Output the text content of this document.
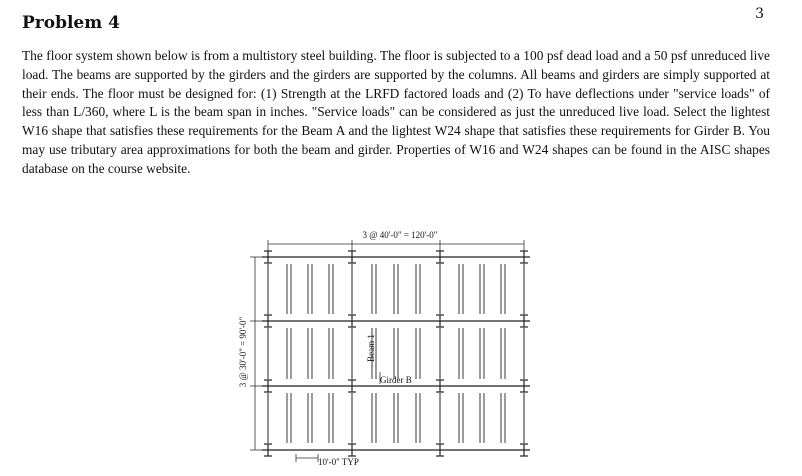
3
Problem 4

The floor system shown below is from a multistory steel building. The floor is subjected to a 100 psf dead load and a 50 psf unreduced live load. The beams are supported by the girders and the girders are supported by the columns. All beams and girders are simply supported at their ends. The floor must be designed for: (1) Strength at the LRFD factored loads and (2) To have deflections under "service loads" of less than L/360, where L is the beam span in inches. "Service loads" can be considered as just the unreduced live load. Select the lightest W16 shape that satisfies these requirements for the Beam A and the lightest W24 shape that satisfies these requirements for Girder B. You may use tributary area approximations for both the beam and girder. Properties of W16 and W24 shapes can be found in the AISC shapes database on the course website.

3 @ 40'-0" = 120'-0"
3 @ 30'-0" = 90'-0"	Beam 1
Girder B
10'-0" TYP
